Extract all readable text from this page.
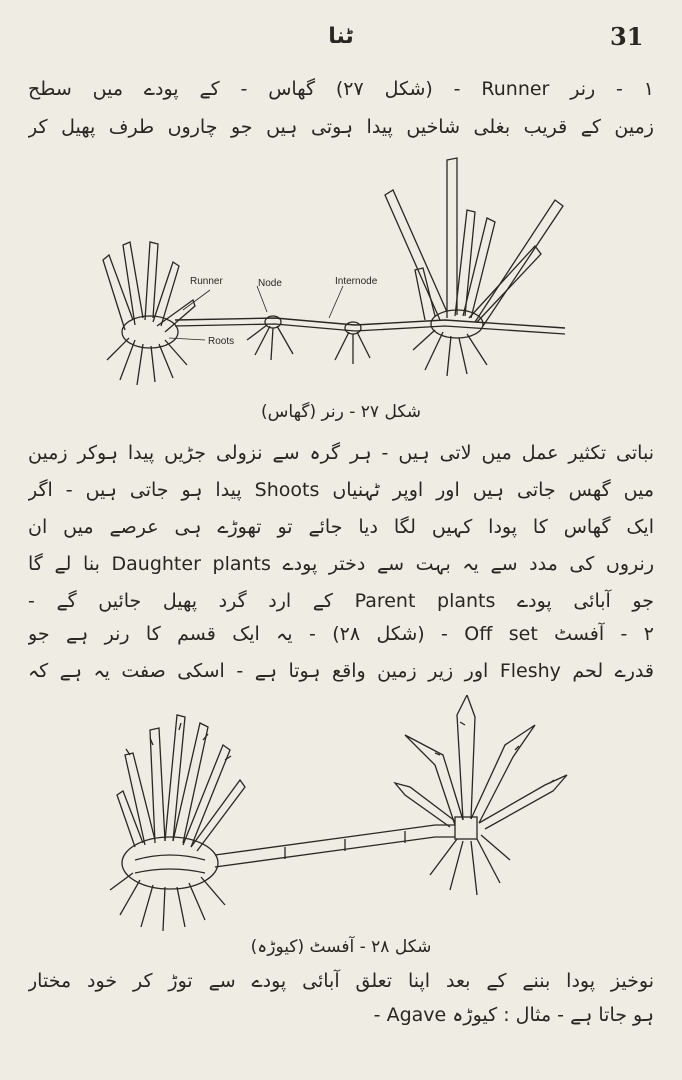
ٹنا	31
۱ - رنر Runner - (شکل ۲۷) گھاس - کے پودے میں سطح
زمین کے قریب بغلی شاخیں پیدا ہوتی ہیں جو چاروں طرف پھیل کر
Runner	Node	Internode
Roots
شکل ۲۷ - رنر (گھاس)
نباتی تکثیر عمل میں لاتی ہیں - ہر گرہ سے نزولی جڑیں پیدا ہوکر زمین
میں گھس جاتی ہیں اور اوپر ٹہنیاں Shoots پیدا ہو جاتی ہیں - اگر
ایک گھاس کا پودا کہیں لگا دیا جائے تو تھوڑے ہی عرصے میں ان
رنروں کی مدد سے یہ بہت سے دختر پودے Daughter plants بنا لے گا
جو آبائی پودے Parent plants کے ارد گرد پھیل جائیں گے -
۲ - آفسٹ Off set - (شکل ۲۸) - یہ ایک قسم کا رنر ہے جو
قدرے لحم Fleshy اور زیر زمین واقع ہوتا ہے - اسکی صفت یہ ہے کہ
شکل ۲۸ - آفسٹ (کیوڑہ)
نوخیز پودا بننے کے بعد اپنا تعلق آبائی پودے سے توڑ کر خود مختار
ہو جاتا ہے - مثال : کیوڑہ Agave -
